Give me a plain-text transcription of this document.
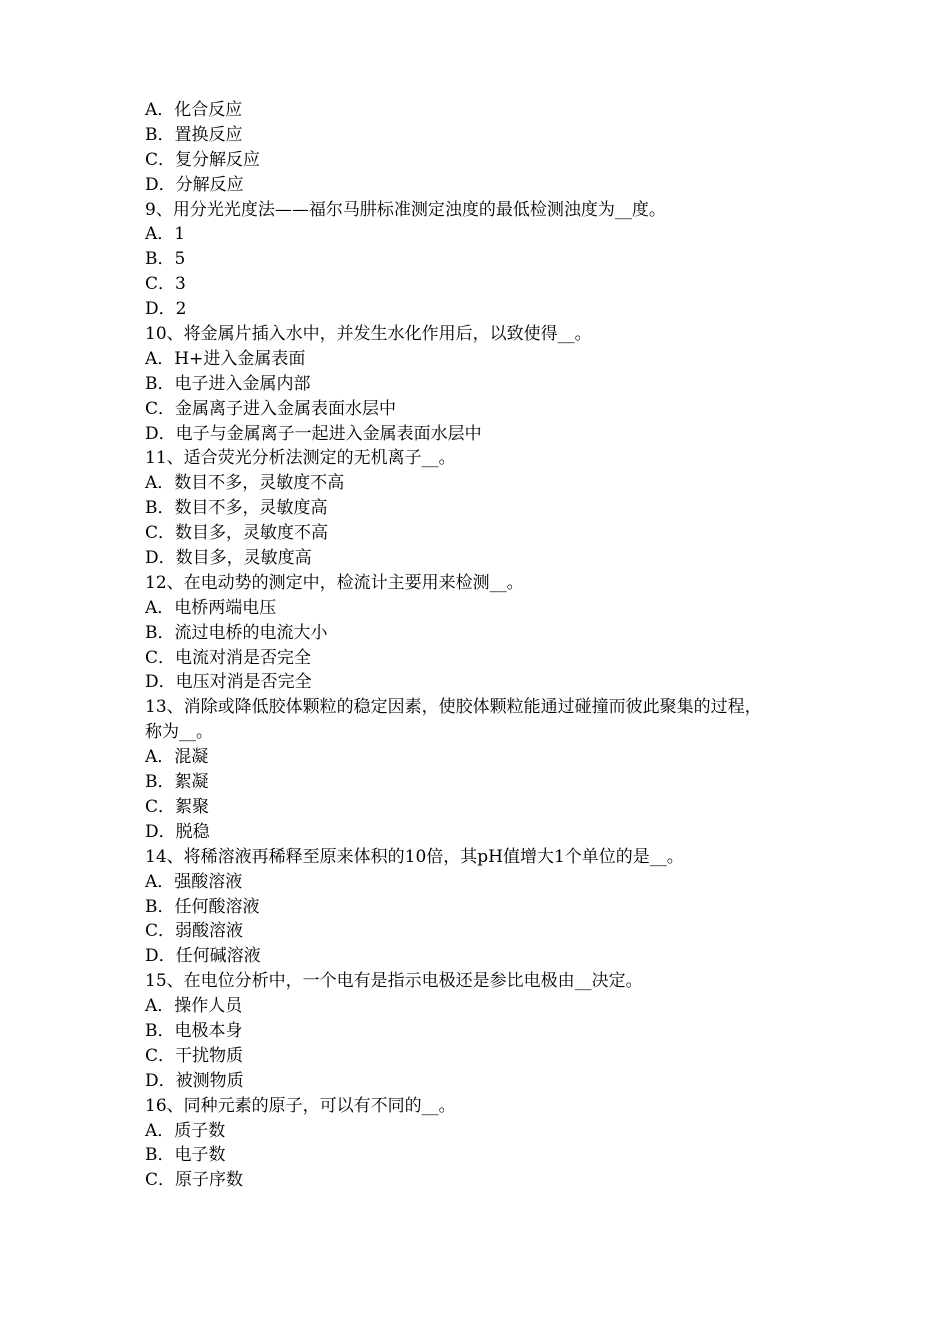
A．化合反应
B．置换反应
C．复分解反应
D．分解反应
9、用分光光度法——福尔马肼标准测定浊度的最低检测浊度为__度。
A．1
B．5
C．3
D．2
10、将金属片插入水中，并发生水化作用后，以致使得__。
A．H+进入金属表面
B．电子进入金属内部
C．金属离子进入金属表面水层中
D．电子与金属离子一起进入金属表面水层中
11、适合荧光分析法测定的无机离子__。
A．数目不多，灵敏度不高
B．数目不多，灵敏度高
C．数目多，灵敏度不高
D．数目多，灵敏度高
12、在电动势的测定中，检流计主要用来检测__。
A．电桥两端电压
B．流过电桥的电流大小
C．电流对消是否完全
D．电压对消是否完全
13、消除或降低胶体颗粒的稳定因素，使胶体颗粒能通过碰撞而彼此聚集的过程，
称为__。
A．混凝
B．絮凝
C．絮聚
D．脱稳
14、将稀溶液再稀释至原来体积的10倍，其pH值增大1个单位的是__。
A．强酸溶液
B．任何酸溶液
C．弱酸溶液
D．任何碱溶液
15、在电位分析中，一个电有是指示电极还是参比电极由__决定。
A．操作人员
B．电极本身
C．干扰物质
D．被测物质
16、同种元素的原子，可以有不同的__。
A．质子数
B．电子数
C．原子序数
